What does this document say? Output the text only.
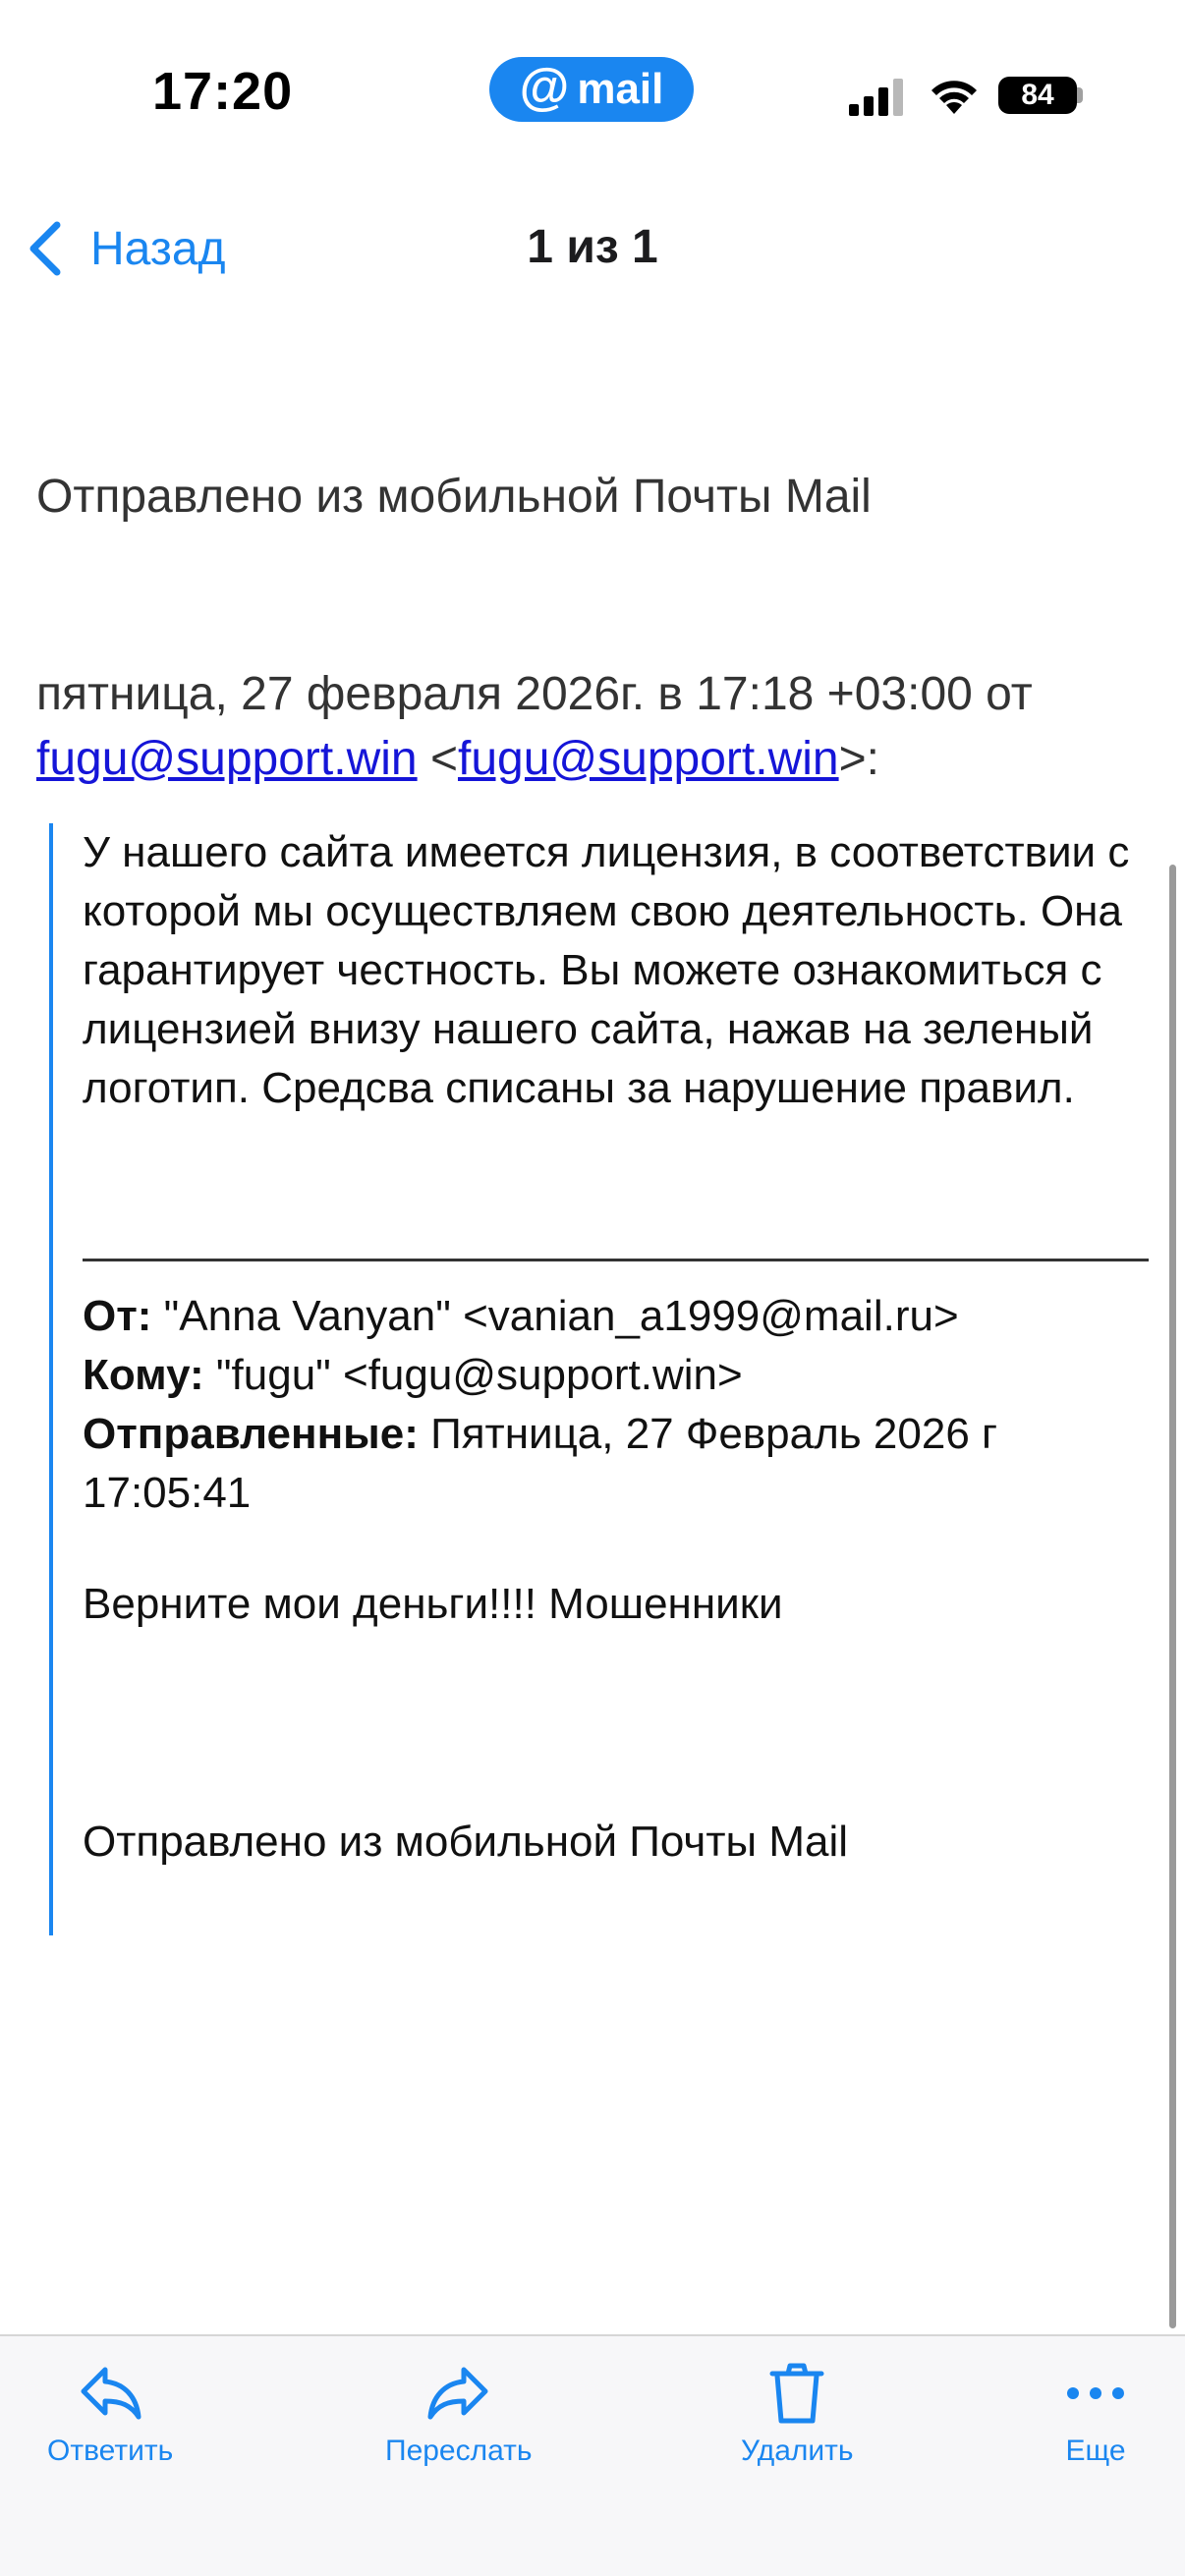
17:20	@ mail	84
Назад	1 из 1
Отправлено из мобильной Почты Mail
пятница, 27 февраля 2026г. в 17:18 +03:00 от
fugu@support.win <fugu@support.win>:
У нашего сайта имеется лицензия, в соответствии с которой мы осуществляем свою деятельность. Она гарантирует честность. Вы можете ознакомиться с лицензией внизу нашего сайта, нажав на зеленый логотип. Средсва списаны за нарушение правил.
От: "Anna Vanyan" <vanian_a1999@mail.ru>
Кому: "fugu" <fugu@support.win>
Отправленные: Пятница, 27 Февраль 2026 г 17:05:41
Верните мои деньги!!!! Мошенники
Отправлено из мобильной Почты Mail
Ответить	Переслать	Удалить	Еще
